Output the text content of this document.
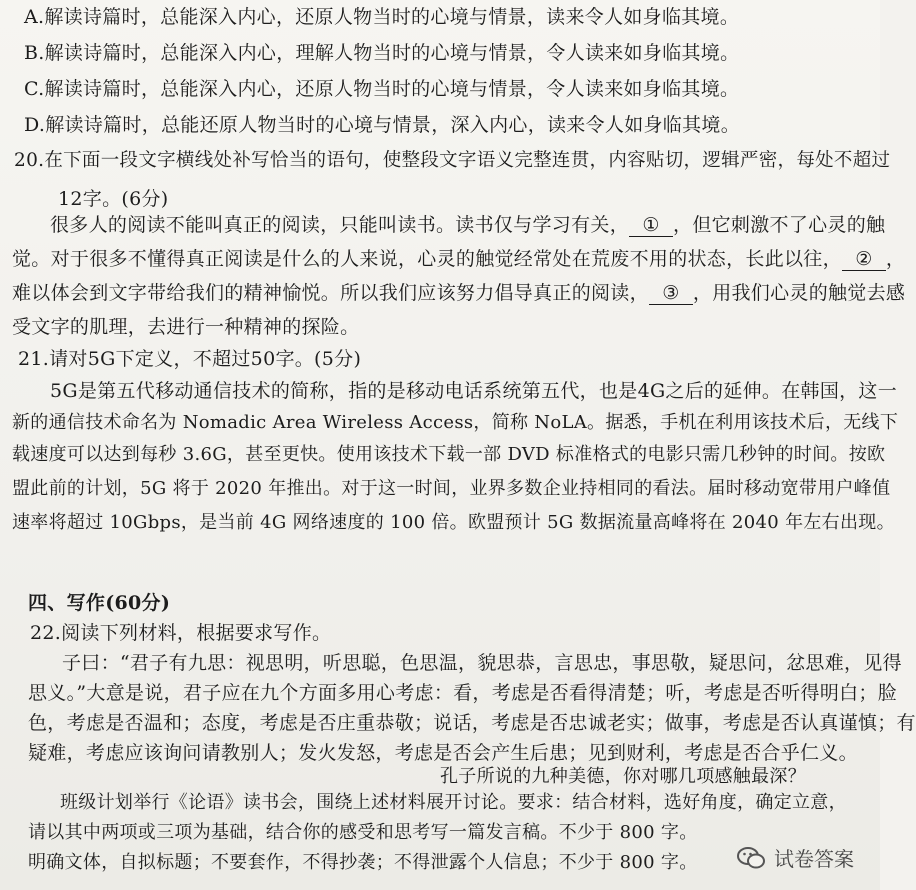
A.解读诗篇时，总能深入内心，还原人物当时的心境与情景，读来令人如身临其境。
B.解读诗篇时，总能深入内心，理解人物当时的心境与情景，令人读来如身临其境。
C.解读诗篇时，总能深入内心，还原人物当时的心境与情景，令人读来如身临其境。
D.解读诗篇时，总能还原人物当时的心境与情景，深入内心，读来令人如身临其境。
20.在下面一段文字横线处补写恰当的语句，使整段文字语义完整连贯，内容贴切，逻辑严密，每处不超过
12字。(6分)
很多人的阅读不能叫真正的阅读，只能叫读书。读书仅与学习有关， ① ，但它刺激不了心灵的触
觉。对于很多不懂得真正阅读是什么的人来说，心灵的触觉经常处在荒废不用的状态，长此以往， ② ，
难以体会到文字带给我们的精神愉悦。所以我们应该努力倡导真正的阅读， ③ ，用我们心灵的触觉去感
受文字的肌理，去进行一种精神的探险。
21.请对5G下定义，不超过50字。(5分)
5G是第五代移动通信技术的简称，指的是移动电话系统第五代，也是4G之后的延伸。在韩国，这一
新的通信技术命名为 Nomadic Area Wireless Access，简称 NoLA。据悉，手机在利用该技术后，无线下
载速度可以达到每秒 3.6G，甚至更快。使用该技术下载一部 DVD 标准格式的电影只需几秒钟的时间。按欧
盟此前的计划，5G 将于 2020 年推出。对于这一时间，业界多数企业持相同的看法。届时移动宽带用户峰值
速率将超过 10Gbps，是当前 4G 网络速度的 100 倍。欧盟预计 5G 数据流量高峰将在 2040 年左右出现。
四、写作(60分)
22.阅读下列材料，根据要求写作。
子曰：“君子有九思：视思明，听思聪，色思温，貌思恭，言思忠，事思敬，疑思问，忿思难，见得
思义。”大意是说，君子应在九个方面多用心考虑：看，考虑是否看得清楚；听，考虑是否听得明白；脸
色，考虑是否温和；态度，考虑是否庄重恭敬；说话，考虑是否忠诚老实；做事，考虑是否认真谨慎；有
疑难，考虑应该询问请教别人；发火发怒，考虑是否会产生后患；见到财利，考虑是否合乎仁义。
孔子所说的九种美德，你对哪几项感触最深？
班级计划举行《论语》读书会，围绕上述材料展开讨论。要求：结合材料，选好角度，确定立意，
请以其中两项或三项为基础，结合你的感受和思考写一篇发言稿。不少于 800 字。
明确文体，自拟标题；不要套作，不得抄袭；不得泄露个人信息；不少于 800 字。	试卷答案
